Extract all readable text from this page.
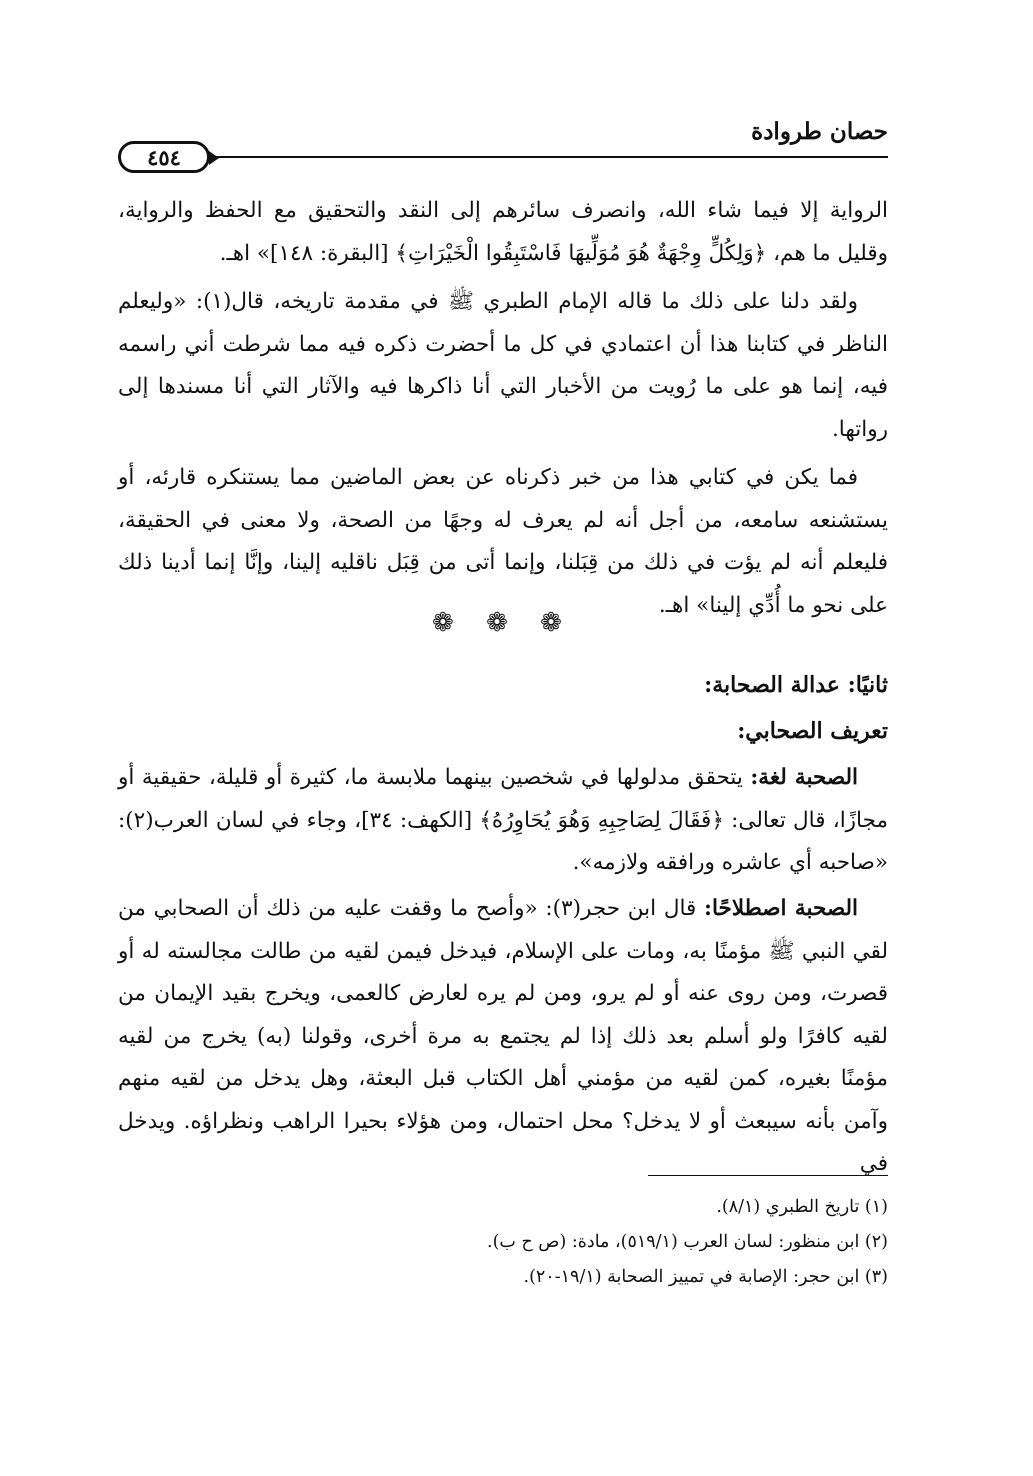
حصان طروادة
٤٥٤

الرواية إلا فيما شاء الله، وانصرف سائرهم إلى النقد والتحقيق مع الحفظ والرواية، وقليل ما هم، ﴿وَلِكُلٍّ وِجْهَةٌ هُوَ مُوَلِّيهَا فَاسْتَبِقُوا الْخَيْرَاتِ﴾ [البقرة: ١٤٨]» اهـ.

ولقد دلنا على ذلك ما قاله الإمام الطبري ﷺ في مقدمة تاريخه، قال(١): «وليعلم الناظر في كتابنا هذا أن اعتمادي في كل ما أحضرت ذكره فيه مما شرطت أني راسمه فيه، إنما هو على ما رُويت من الأخبار التي أنا ذاكرها فيه والآثار التي أنا مسندها إلى رواتها.

فما يكن في كتابي هذا من خبر ذكرناه عن بعض الماضين مما يستنكره قارئه، أو يستشنعه سامعه، من أجل أنه لم يعرف له وجهًا من الصحة، ولا معنى في الحقيقة، فليعلم أنه لم يؤت في ذلك من قِبَلنا، وإنما أتى من قِبَل ناقليه إلينا، وإنَّا إنما أدينا ذلك على نحو ما أُدِّي إلينا» اهـ.

❁ ❁ ❁
ثانيًا: عدالة الصحابة:
تعريف الصحابي:

الصحبة لغة: يتحقق مدلولها في شخصين بينهما ملابسة ما، كثيرة أو قليلة، حقيقية أو مجازًا، قال تعالى: ﴿فَقَالَ لِصَاحِبِهِ وَهُوَ يُحَاوِرُهُ﴾ [الكهف: ٣٤]، وجاء في لسان العرب(٢): «صاحبه أي عاشره ورافقه ولازمه».

الصحبة اصطلاحًا: قال ابن حجر(٣): «وأصح ما وقفت عليه من ذلك أن الصحابي من لقي النبي ﷺ مؤمنًا به، ومات على الإسلام، فيدخل فيمن لقيه من طالت مجالسته له أو قصرت، ومن روى عنه أو لم يرو، ومن لم يره لعارض كالعمى، ويخرج بقيد الإيمان من لقيه كافرًا ولو أسلم بعد ذلك إذا لم يجتمع به مرة أخرى، وقولنا (به) يخرج من لقيه مؤمنًا بغيره، كمن لقيه من مؤمني أهل الكتاب قبل البعثة، وهل يدخل من لقيه منهم وآمن بأنه سيبعث أو لا يدخل؟ محل احتمال، ومن هؤلاء بحيرا الراهب ونظراؤه. ويدخل في

(١) تاريخ الطبري (٨/١).
(٢) ابن منظور: لسان العرب (٥١٩/١)، مادة: (ص ح ب).
(٣) ابن حجر: الإصابة في تمييز الصحابة (١٩/١-٢٠).
